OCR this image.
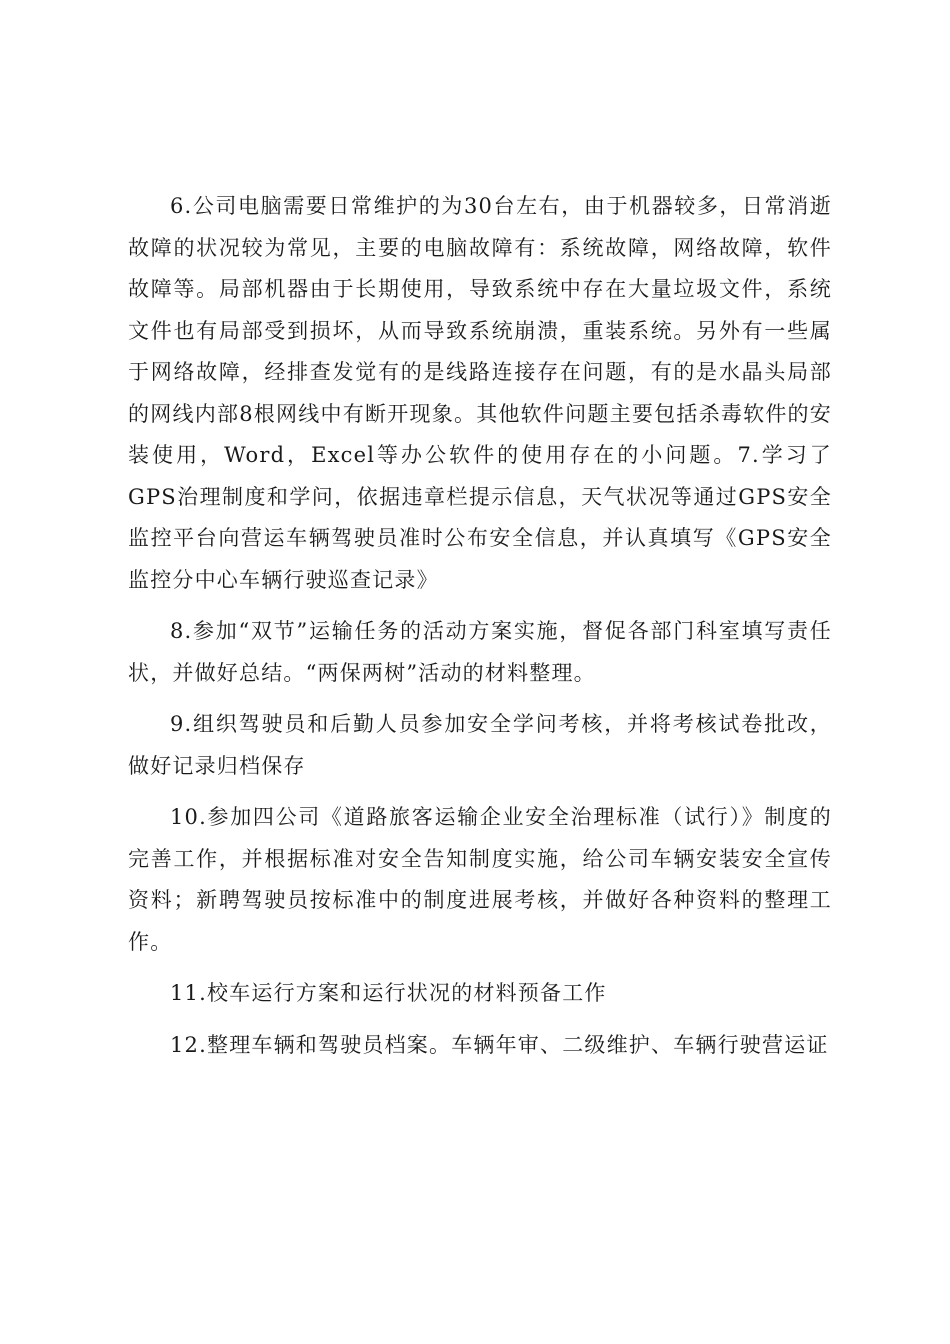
6.公司电脑需要日常维护的为30台左右，由于机器较多，日常消逝故障的状况较为常见，主要的电脑故障有：系统故障，网络故障，软件故障等。局部机器由于长期使用，导致系统中存在大量垃圾文件，系统文件也有局部受到损坏，从而导致系统崩溃，重装系统。另外有一些属于网络故障，经排查发觉有的是线路连接存在问题，有的是水晶头局部的网线内部8根网线中有断开现象。其他软件问题主要包括杀毒软件的安装使用，Word，Excel等办公软件的使用存在的小问题。7.学习了GPS治理制度和学问，依据违章栏提示信息，天气状况等通过GPS安全监控平台向营运车辆驾驶员准时公布安全信息，并认真填写《GPS安全监控分中心车辆行驶巡查记录》

8.参加“双节”运输任务的活动方案实施，督促各部门科室填写责任状，并做好总结。“两保两树”活动的材料整理。

9.组织驾驶员和后勤人员参加安全学问考核，并将考核试卷批改，做好记录归档保存

10.参加四公司《道路旅客运输企业安全治理标准（试行）》制度的完善工作，并根据标准对安全告知制度实施，给公司车辆安装安全宣传资料；新聘驾驶员按标准中的制度进展考核，并做好各种资料的整理工作。

11.校车运行方案和运行状况的材料预备工作

12.整理车辆和驾驶员档案。车辆年审、二级维护、车辆行驶营运证
